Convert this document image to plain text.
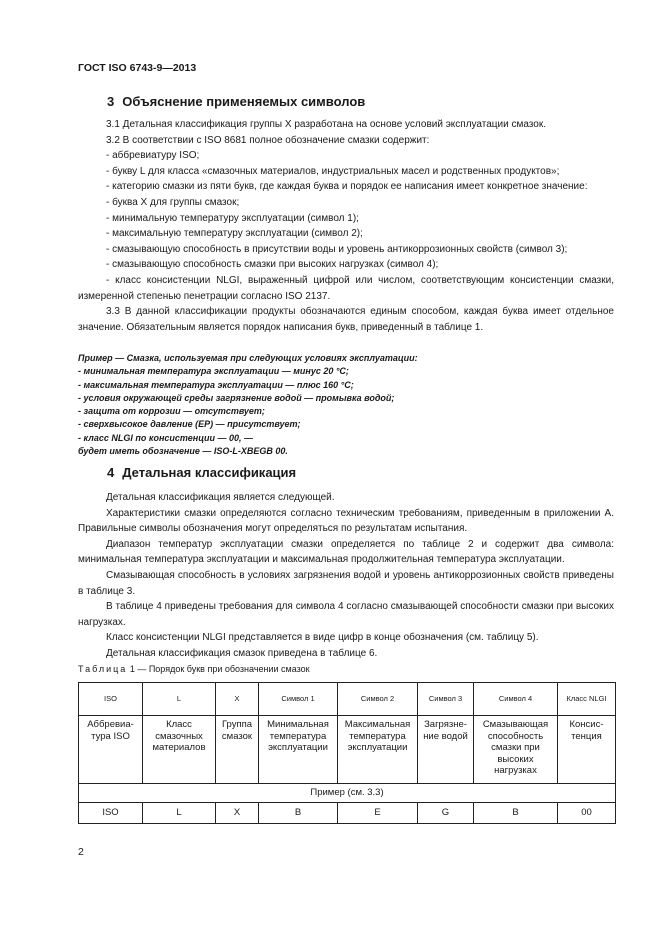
ГОСТ ISO 6743-9—2013
3 Объяснение применяемых символов

3.1 Детальная классификация группы X разработана на основе условий эксплуатации смазок.

3.2 В соответствии с ISO 8681 полное обозначение смазки содержит:

- аббревиатуру ISO;

- букву L для класса «смазочных материалов, индустриальных масел и родственных продуктов»;

- категорию смазки из пяти букв, где каждая буква и порядок ее написания имеет конкретное значение:

- буква X для группы смазок;

- минимальную температуру эксплуатации (символ 1);

- максимальную температуру эксплуатации (символ 2);

- смазывающую способность в присутствии воды и уровень антикоррозионных свойств (символ 3);

- смазывающую способность смазки при высоких нагрузках (символ 4);

- класс консистенции NLGI, выраженный цифрой или числом, соответствующим консистенции смазки, измеренной степенью пенетрации согласно ISO 2137.

3.3 В данной классификации продукты обозначаются единым способом, каждая буква имеет отдельное значение. Обязательным является порядок написания букв, приведенный в таблице 1.

Пример — Смазка, используемая при следующих условиях эксплуатации:

- минимальная температура эксплуатации — минус 20 °С;

- максимальная температура эксплуатации — плюс 160 °С;

- условия окружающей среды загрязнение водой — промывка водой;

- защита от коррозии — отсутствует;

- сверхвысокое давление (ЕР) — присутствует;

- класс NLGI по консистенции — 00, —

будет иметь обозначение — ISO-L-XBEGB 00.

4 Детальная классификация

Детальная классификация является следующей.

Характеристики смазки определяются согласно техническим требованиям, приведенным в приложении А. Правильные символы обозначения могут определяться по результатам испытания.

Диапазон температур эксплуатации смазки определяется по таблице 2 и содержит два символа: минимальная температура эксплуатации и максимальная продолжительная температура эксплуатации.

Смазывающая способность в условиях загрязнения водой и уровень антикоррозионных свойств приведены в таблице 3.

В таблице 4 приведены требования для символа 4 согласно смазывающей способности смазки при высоких нагрузках.

Класс консистенции NLGI представляется в виде цифр в конце обозначения (см. таблицу 5).

Детальная классификация смазок приведена в таблице 6.

Таблица 1 — Порядок букв при обозначении смазок
ISO	L	X	Символ 1	Символ 2	Символ 3	Символ 4	Класс NLGI
Аббревиа-тура ISO	Класс смазочных материалов	Группа смазок	Минимальная температура эксплуатации	Максимальная температура эксплуатации	Загрязне-ние водой	Смазывающая способность смазки при высоких нагрузках	Консис-тенция
Пример (см. 3.3)							
ISO	L	X	B	E	G	B	00
2
